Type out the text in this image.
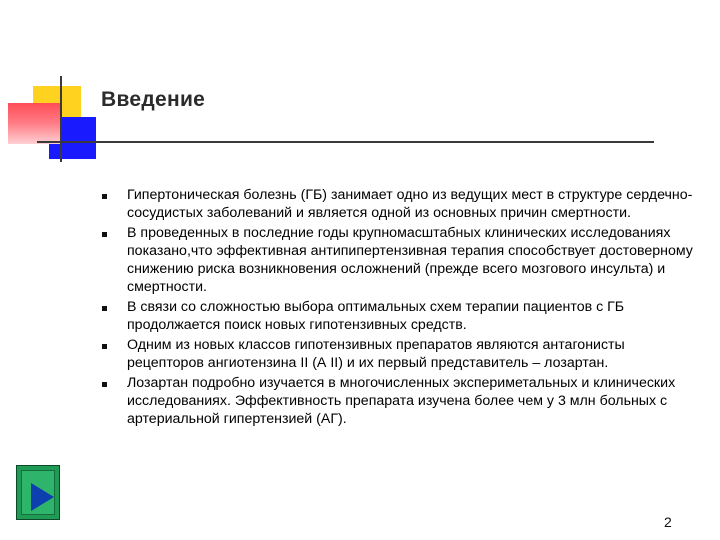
Введение
Гипертоническая болезнь (ГБ) занимает одно из ведущих мест в структуре сердечно-сосудистых заболеваний и является одной из основных причин смертности.
В проведенных в последние годы крупномасштабных клинических исследованиях показано,что эффективная антипипертензивная терапия способствует достоверному снижению риска возникновения осложнений (прежде всего мозгового инсульта) и смертности.
В связи со сложностью выбора оптимальных схем терапии пациентов с ГБ продолжается поиск новых гипотензивных средств.
Одним из новых классов гипотензивных препаратов являются антагонисты рецепторов ангиотензина II (А II) и их первый представитель – лозартан.
Лозартан подробно изучается в многочисленных экспериметальных и клинических исследованиях. Эффективность препарата изучена более чем у 3 млн больных с артериальной гипертензией (АГ).
2
